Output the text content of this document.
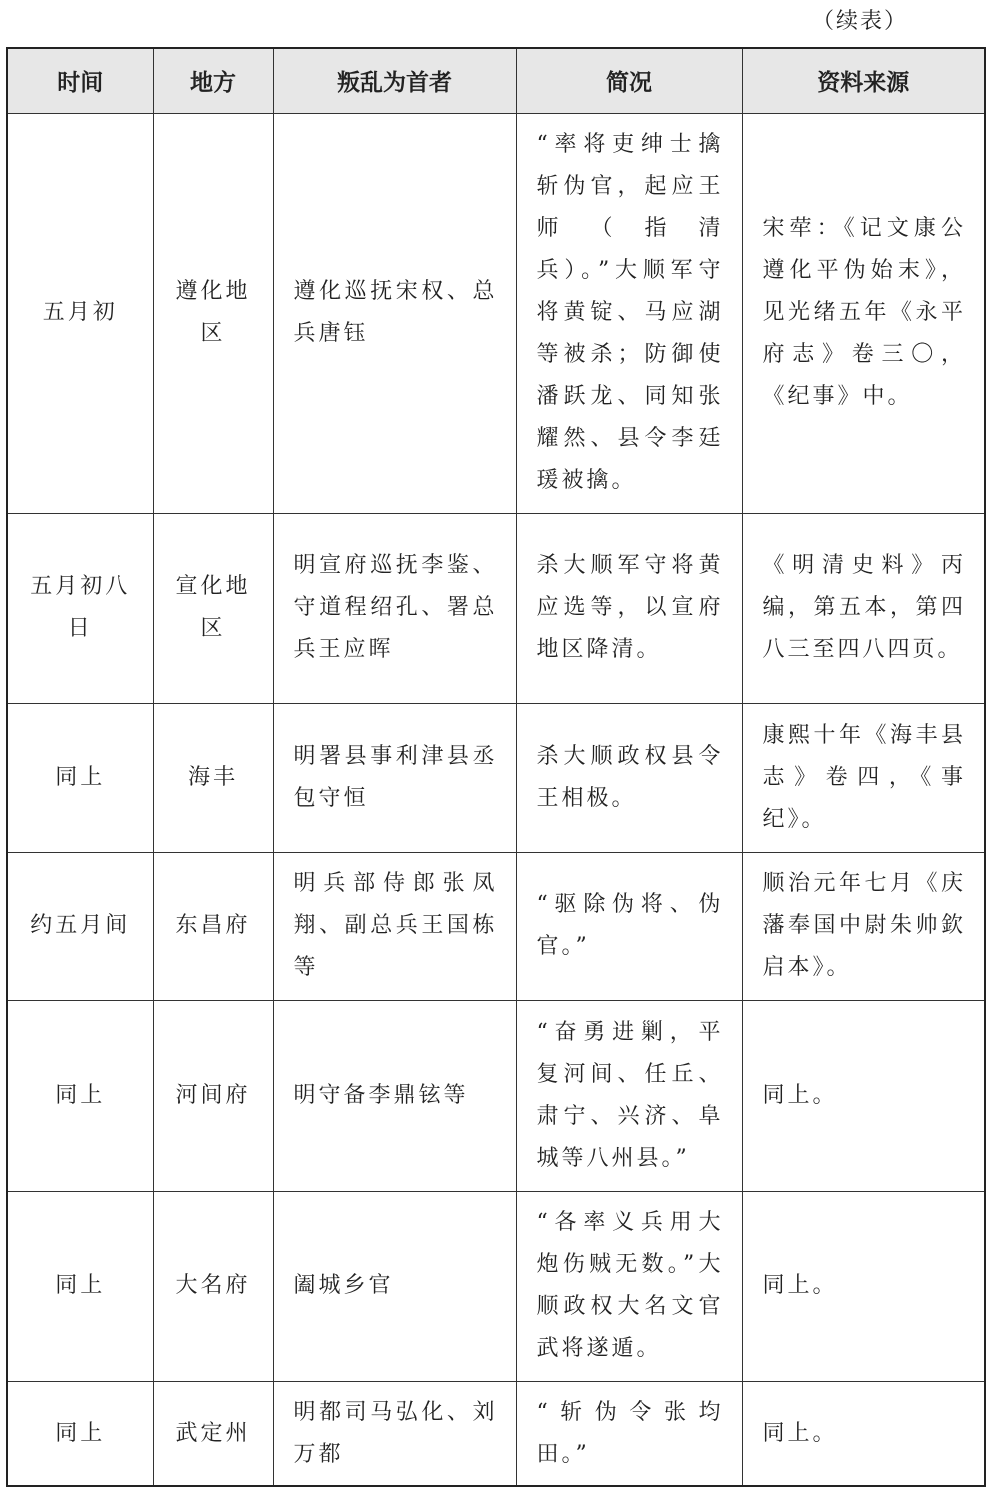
（续表）
时间	地方	叛乱为首者	简况	资料来源
五月初	遵化地区	遵化巡抚宋权、总兵唐钰	“率将吏绅士擒斩伪官，起应王师（指清兵）。”大顺军守将黄锭、马应湖等被杀；防御使潘跃龙、同知张耀然、县令李廷瑗被擒。	宋荦：《记文康公遵化平伪始末》，见光绪五年《永平府志》卷三〇，《纪事》中。
五月初八日	宣化地区	明宣府巡抚李鉴、守道程绍孔、署总兵王应晖	杀大顺军守将黄应选等，以宣府地区降清。	《明清史料》丙编，第五本，第四八三至四八四页。
同上	海丰	明署县事利津县丞包守恒	杀大顺政权县令王相极。	康熙十年《海丰县志》卷四，《事纪》。
约五月间	东昌府	明兵部侍郎张凤翔、副总兵王国栋等	“驱除伪将、伪官。”	顺治元年七月《庆藩奉国中尉朱帅欽启本》。
同上	河间府	明守备李鼎铉等	“奋勇进剿，平复河间、任丘、肃宁、兴济、阜城等八州县。”	同上。
同上	大名府	阖城乡官	“各率义兵用大炮伤贼无数。”大顺政权大名文官武将遂遁。	同上。
同上	武定州	明都司马弘化、刘万都	“斩伪令张均田。”	同上。
